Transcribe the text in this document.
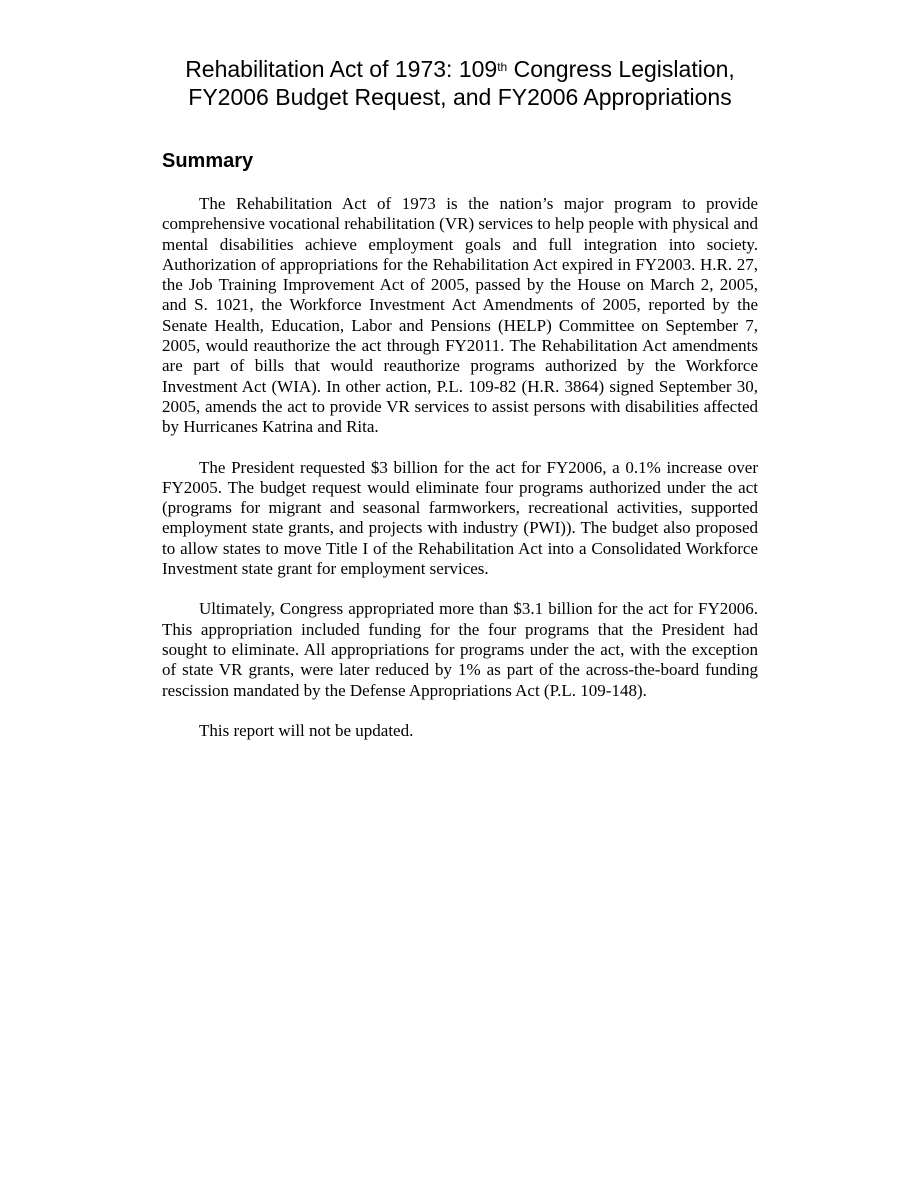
Rehabilitation Act of 1973: 109th Congress Legislation,
FY2006 Budget Request, and FY2006 Appropriations
Summary

The Rehabilitation Act of 1973 is the nation’s major program to provide comprehensive vocational rehabilitation (VR) services to help people with physical and mental disabilities achieve employment goals and full integration into society. Authorization of appropriations for the Rehabilitation Act expired in FY2003. H.R. 27, the Job Training Improvement Act of 2005, passed by the House on March 2, 2005, and S. 1021, the Workforce Investment Act Amendments of 2005, reported by the Senate Health, Education, Labor and Pensions (HELP) Committee on September 7, 2005, would reauthorize the act through FY2011. The Rehabilitation Act amendments are part of bills that would reauthorize programs authorized by the Workforce Investment Act (WIA). In other action, P.L. 109-82 (H.R. 3864) signed September 30, 2005, amends the act to provide VR services to assist persons with disabilities affected by Hurricanes Katrina and Rita.

The President requested $3 billion for the act for FY2006, a 0.1% increase over FY2005. The budget request would eliminate four programs authorized under the act (programs for migrant and seasonal farmworkers, recreational activities, supported employment state grants, and projects with industry (PWI)). The budget also proposed to allow states to move Title I of the Rehabilitation Act into a Consolidated Workforce Investment state grant for employment services.

Ultimately, Congress appropriated more than $3.1 billion for the act for FY2006. This appropriation included funding for the four programs that the President had sought to eliminate. All appropriations for programs under the act, with the exception of state VR grants, were later reduced by 1% as part of the across-the-board funding rescission mandated by the Defense Appropriations Act (P.L. 109-148).

This report will not be updated.
